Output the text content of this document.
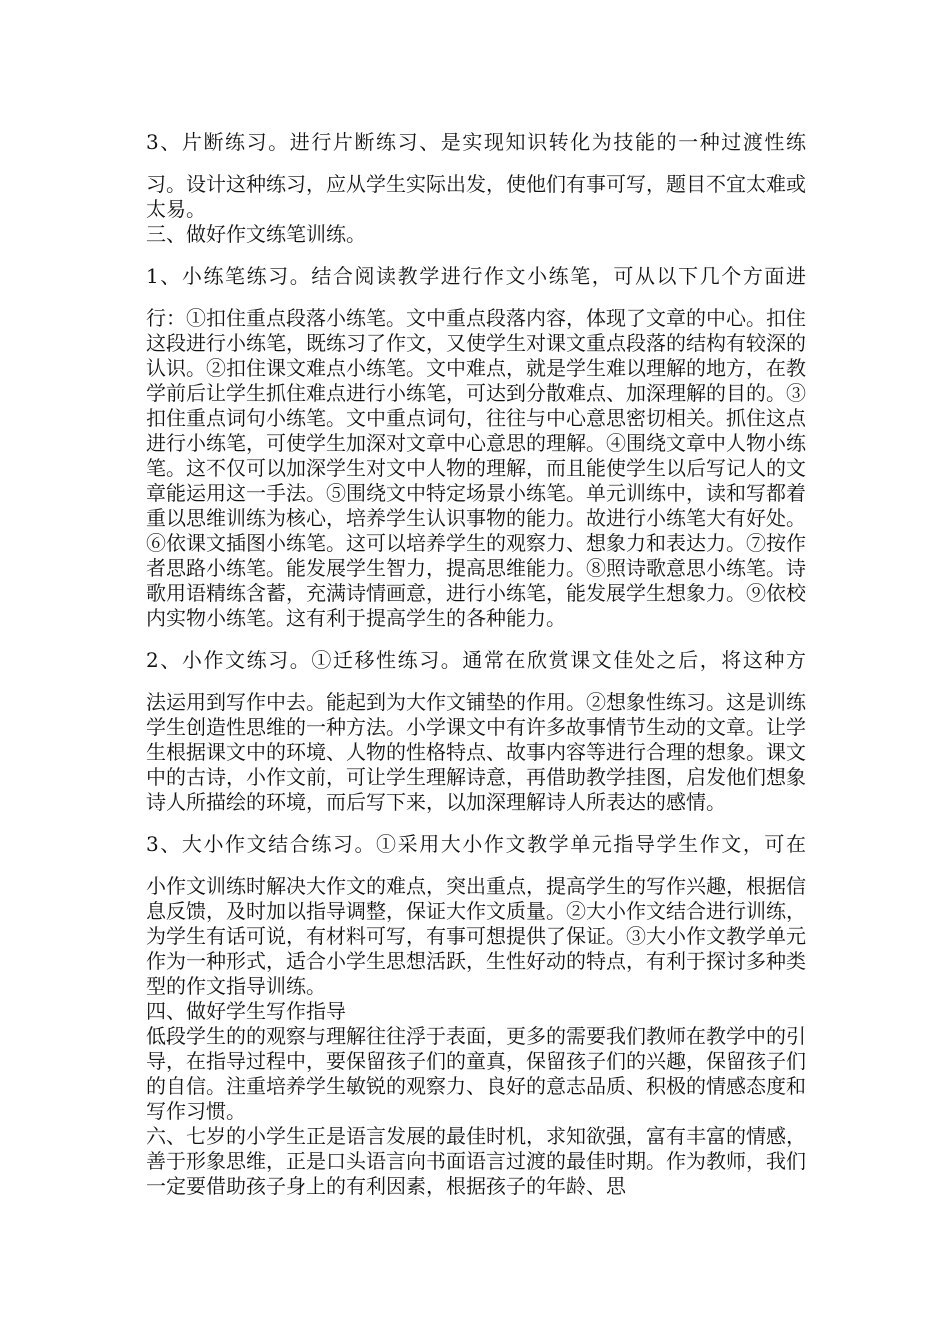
3、片断练习。进行片断练习、是实现知识转化为技能的一种过渡性练
习。设计这种练习，应从学生实际出发，使他们有事可写，题目不宜太难或太易。
三、做好作文练笔训练。
1、小练笔练习。结合阅读教学进行作文小练笔，可从以下几个方面进
行：①扣住重点段落小练笔。文中重点段落内容，体现了文章的中心。扣住这段进行小练笔，既练习了作文，又使学生对课文重点段落的结构有较深的认识。②扣住课文难点小练笔。文中难点，就是学生难以理解的地方，在教学前后让学生抓住难点进行小练笔，可达到分散难点、加深理解的目的。③扣住重点词句小练笔。文中重点词句，往往与中心意思密切相关。抓住这点进行小练笔，可使学生加深对文章中心意思的理解。④围绕文章中人物小练笔。这不仅可以加深学生对文中人物的理解，而且能使学生以后写记人的文章能运用这一手法。⑤围绕文中特定场景小练笔。单元训练中，读和写都着重以思维训练为核心，培养学生认识事物的能力。故进行小练笔大有好处。⑥依课文插图小练笔。这可以培养学生的观察力、想象力和表达力。⑦按作者思路小练笔。能发展学生智力，提高思维能力。⑧照诗歌意思小练笔。诗歌用语精练含蓄，充满诗情画意，进行小练笔，能发展学生想象力。⑨依校内实物小练笔。这有利于提高学生的各种能力。
2、小作文练习。①迁移性练习。通常在欣赏课文佳处之后，将这种方
法运用到写作中去。能起到为大作文铺垫的作用。②想象性练习。这是训练学生创造性思维的一种方法。小学课文中有许多故事情节生动的文章。让学生根据课文中的环境、人物的性格特点、故事内容等进行合理的想象。课文中的古诗，小作文前，可让学生理解诗意，再借助教学挂图，启发他们想象诗人所描绘的环境，而后写下来，以加深理解诗人所表达的感情。
3、大小作文结合练习。①采用大小作文教学单元指导学生作文，可在
小作文训练时解决大作文的难点，突出重点，提高学生的写作兴趣，根据信息反馈，及时加以指导调整，保证大作文质量。②大小作文结合进行训练，为学生有话可说，有材料可写，有事可想提供了保证。③大小作文教学单元作为一种形式，适合小学生思想活跃，生性好动的特点，有利于探讨多种类型的作文指导训练。
四、做好学生写作指导
低段学生的的观察与理解往往浮于表面，更多的需要我们教师在教学中的引导，在指导过程中，要保留孩子们的童真，保留孩子们的兴趣，保留孩子们的自信。注重培养学生敏锐的观察力、良好的意志品质、积极的情感态度和写作习惯。
六、七岁的小学生正是语言发展的最佳时机，求知欲强，富有丰富的情感，善于形象思维，正是口头语言向书面语言过渡的最佳时期。作为教师，我们一定要借助孩子身上的有利因素，根据孩子的年龄、思
